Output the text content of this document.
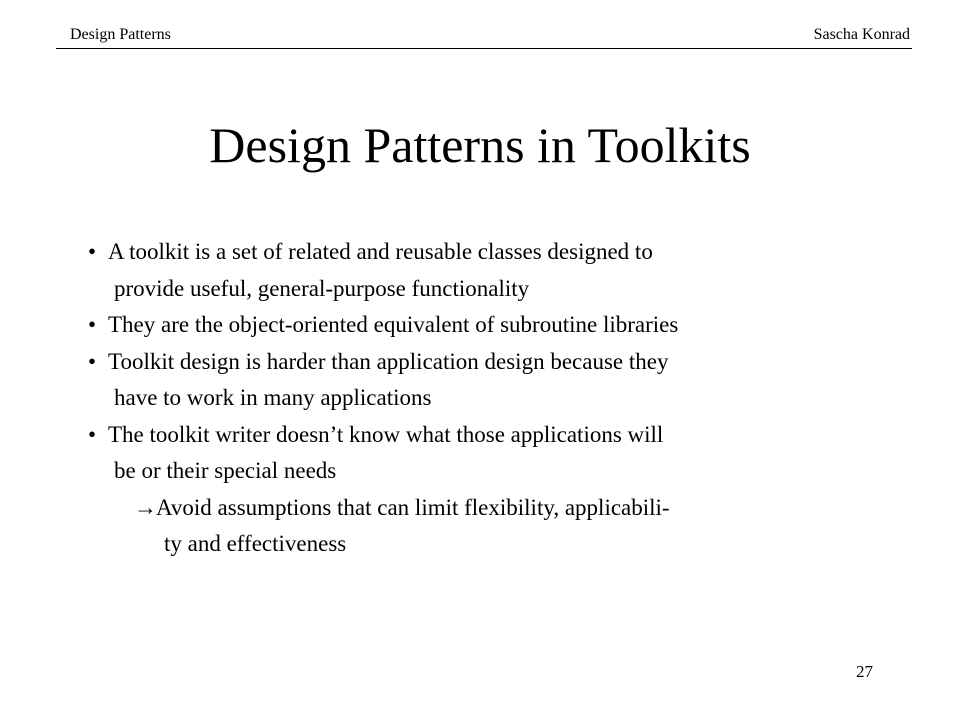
Design Patterns	Sascha Konrad
Design Patterns in Toolkits
• A toolkit is a set of related and reusable classes designed to
provide useful, general-purpose functionality
• They are the object-oriented equivalent of subroutine libraries
• Toolkit design is harder than application design because they
have to work in many applications
• The toolkit writer doesn’t know what those applications will
be or their special needs
→Avoid assumptions that can limit flexibility, applicabili-
ty and effectiveness
27
